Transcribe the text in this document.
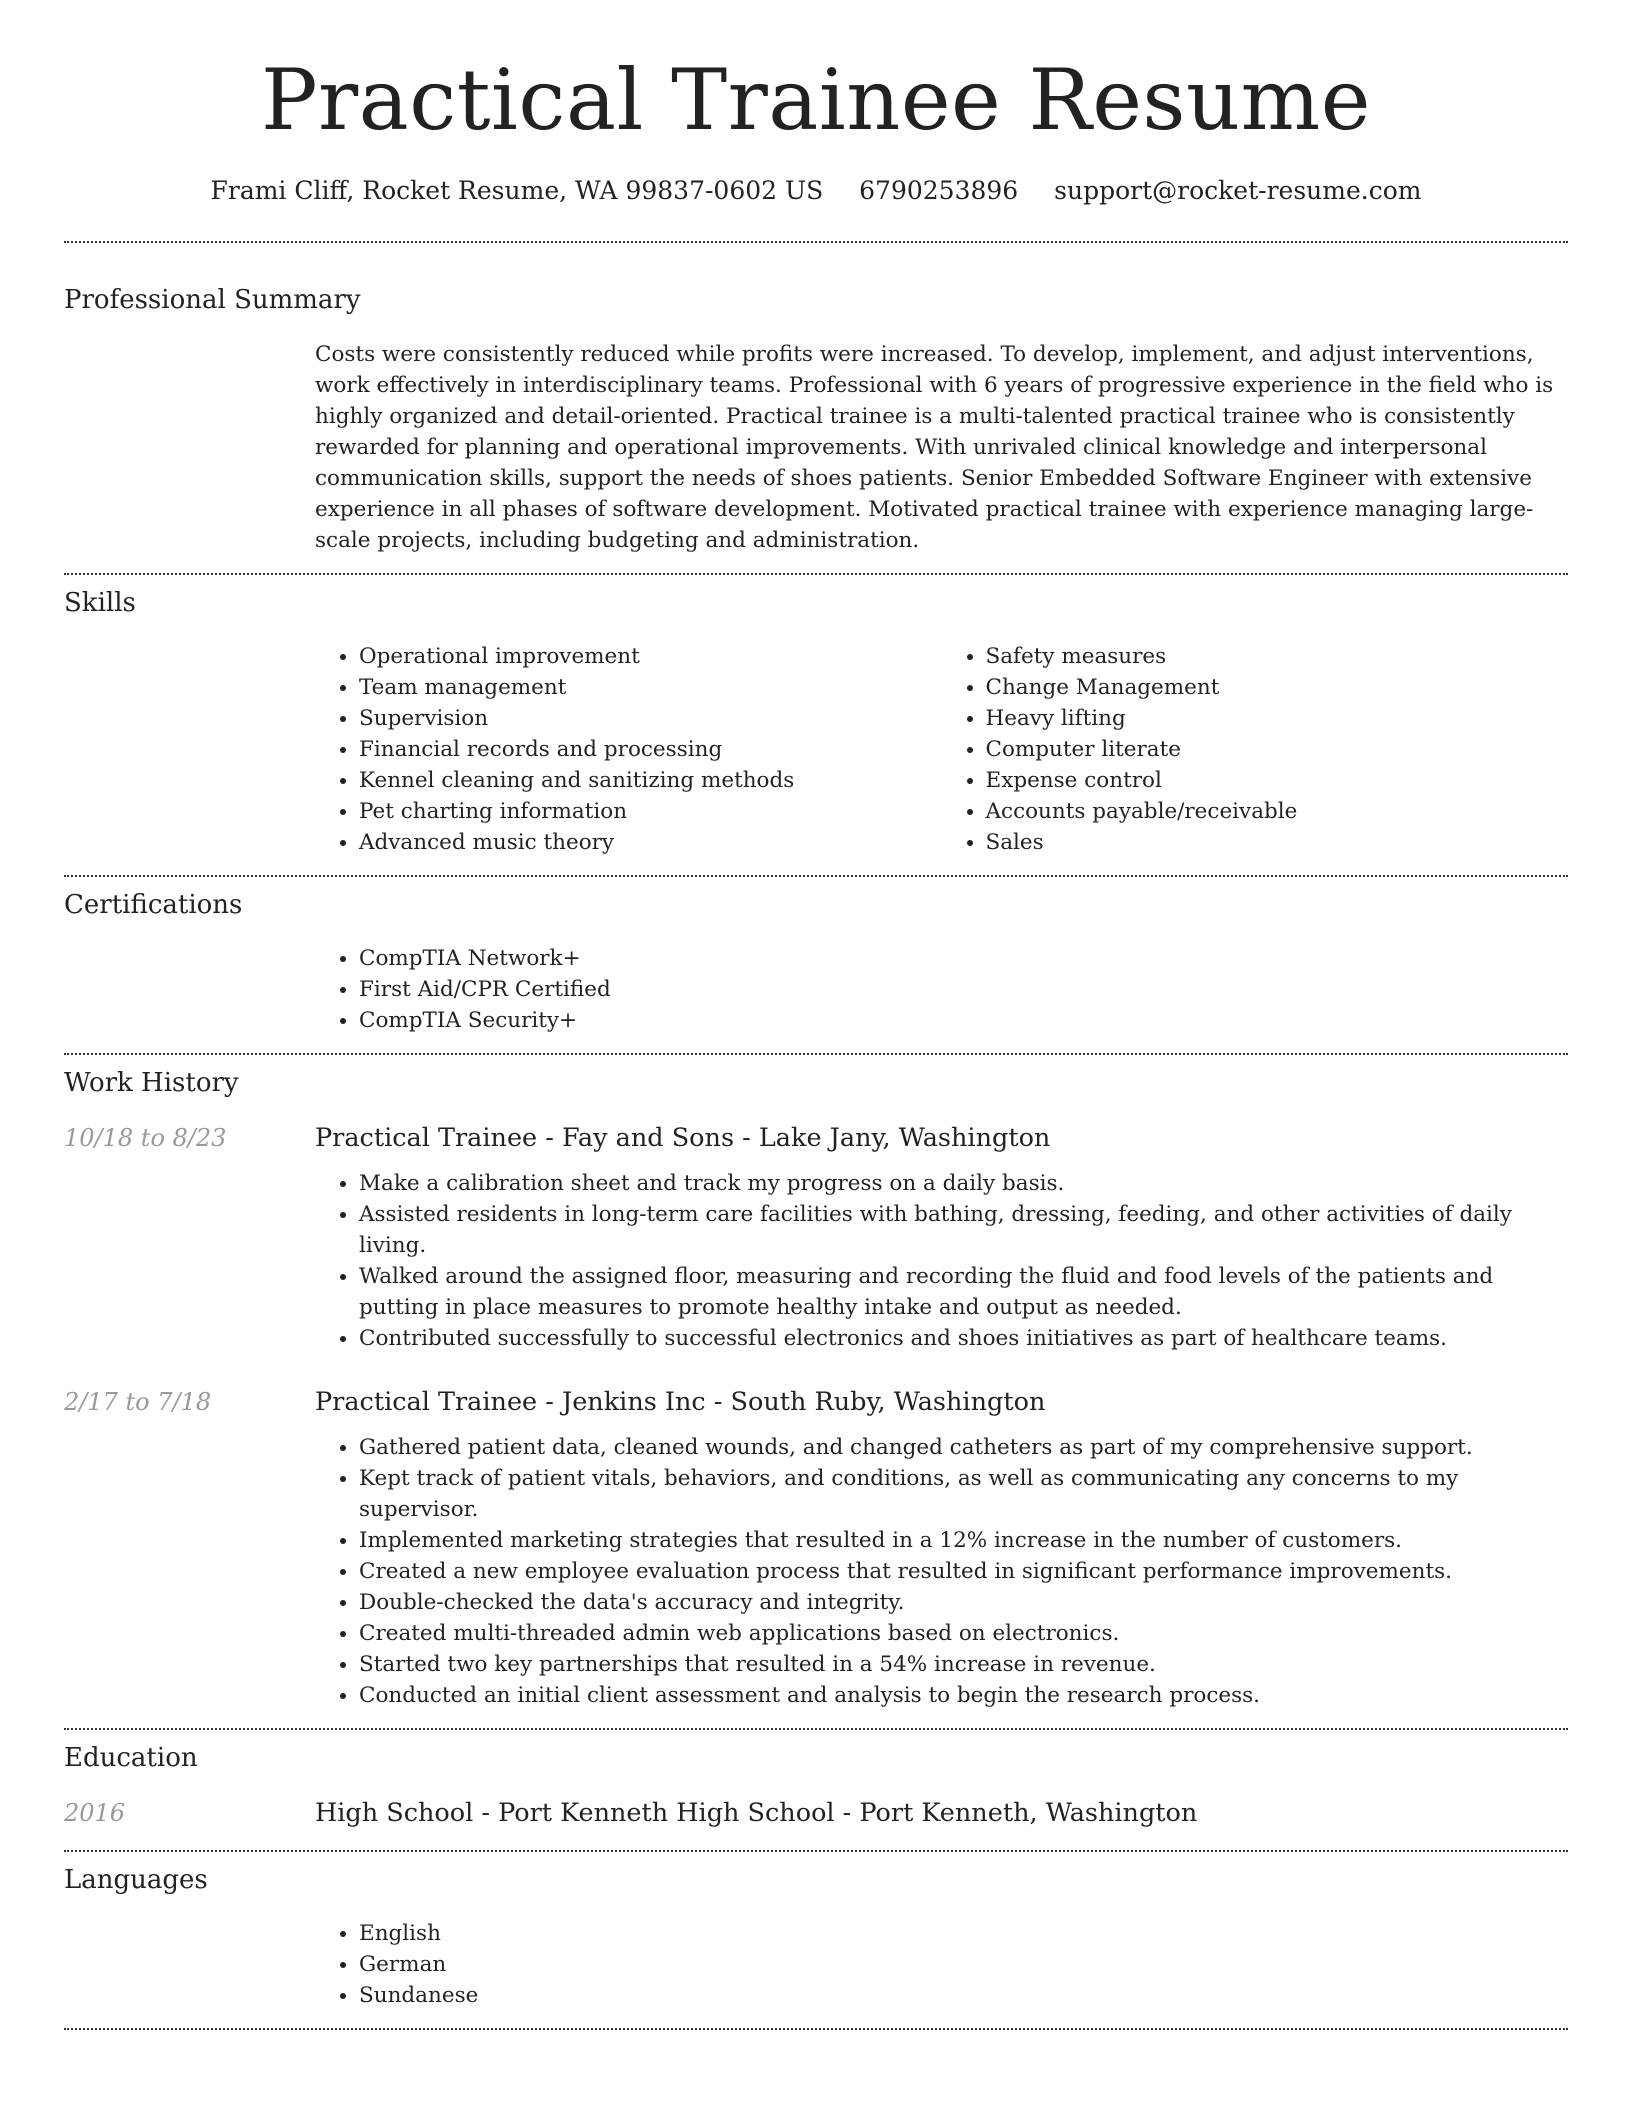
Practical Trainee Resume
Frami Cliff, Rocket Resume, WA 99837-0602 US 6790253896 support@rocket-resume.com
Professional Summary
Costs were consistently reduced while profits were increased. To develop, implement, and adjust interventions, work effectively in interdisciplinary teams. Professional with 6 years of progressive experience in the field who is highly organized and detail-oriented. Practical trainee is a multi-talented practical trainee who is consistently rewarded for planning and operational improvements. With unrivaled clinical knowledge and interpersonal communication skills, support the needs of shoes patients. Senior Embedded Software Engineer with extensive experience in all phases of software development. Motivated practical trainee with experience managing large-scale projects, including budgeting and administration.
Skills
• Operational improvement
• Team management
• Supervision
• Financial records and processing
• Kennel cleaning and sanitizing methods
• Pet charting information
• Advanced music theory
• Safety measures
• Change Management
• Heavy lifting
• Computer literate
• Expense control
• Accounts payable/receivable
• Sales
Certifications
• CompTIA Network+
• First Aid/CPR Certified
• CompTIA Security+
Work History
10/18 to 8/23	Practical Trainee - Fay and Sons - Lake Jany, Washington
• Make a calibration sheet and track my progress on a daily basis.
• Assisted residents in long-term care facilities with bathing, dressing, feeding, and other activities of daily living.
• Walked around the assigned floor, measuring and recording the fluid and food levels of the patients and putting in place measures to promote healthy intake and output as needed.
• Contributed successfully to successful electronics and shoes initiatives as part of healthcare teams.
2/17 to 7/18	Practical Trainee - Jenkins Inc - South Ruby, Washington
• Gathered patient data, cleaned wounds, and changed catheters as part of my comprehensive support.
• Kept track of patient vitals, behaviors, and conditions, as well as communicating any concerns to my supervisor.
• Implemented marketing strategies that resulted in a 12% increase in the number of customers.
• Created a new employee evaluation process that resulted in significant performance improvements.
• Double-checked the data's accuracy and integrity.
• Created multi-threaded admin web applications based on electronics.
• Started two key partnerships that resulted in a 54% increase in revenue.
• Conducted an initial client assessment and analysis to begin the research process.
Education
2016	High School - Port Kenneth High School - Port Kenneth, Washington
Languages
• English
• German
• Sundanese
